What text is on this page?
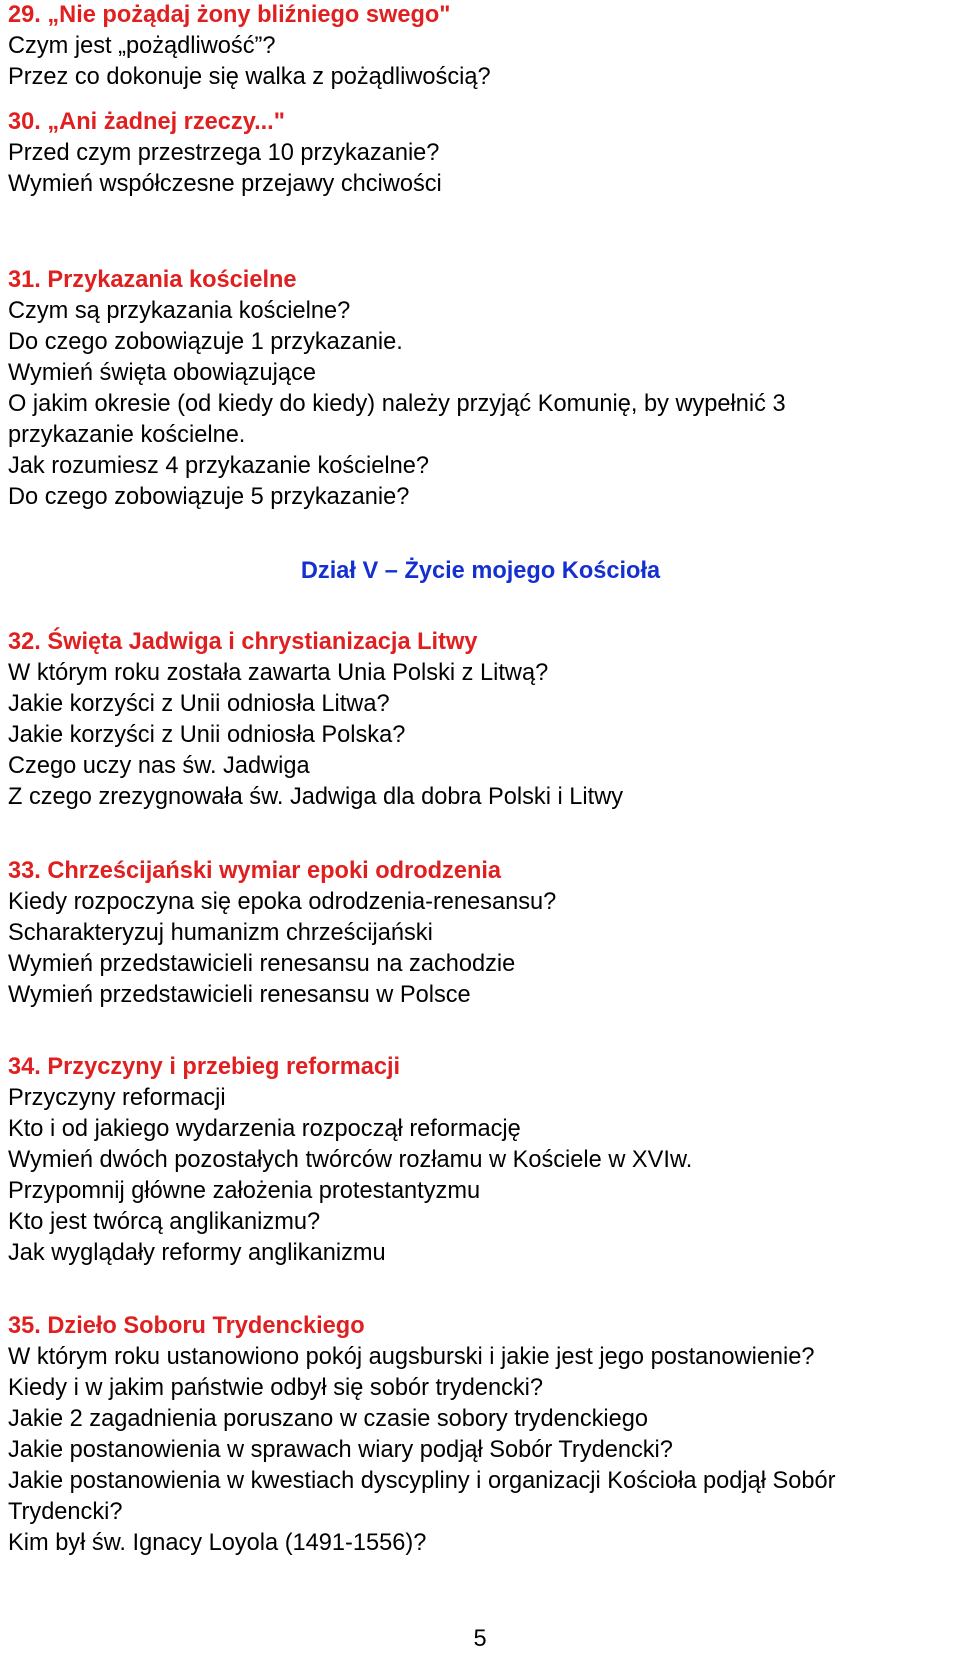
29. „Nie pożądaj żony bliźniego swego"

Czym jest „pożądliwość”?

Przez co dokonuje się walka z pożądliwością?

30. „Ani żadnej rzeczy..."

Przed czym przestrzega 10 przykazanie?

Wymień współczesne przejawy chciwości

31. Przykazania kościelne

Czym są przykazania kościelne?

Do czego zobowiązuje 1 przykazanie.

Wymień święta obowiązujące

O jakim okresie (od kiedy do kiedy) należy przyjąć Komunię, by wypełnić 3 przykazanie kościelne.

Jak rozumiesz 4 przykazanie kościelne?

Do czego zobowiązuje 5 przykazanie?

Dział V – Życie mojego Kościoła

32. Święta Jadwiga i chrystianizacja Litwy

W którym roku została zawarta Unia Polski z Litwą?

Jakie korzyści z Unii odniosła Litwa?

Jakie korzyści z Unii odniosła Polska?

Czego uczy nas św. Jadwiga

Z czego zrezygnowała św. Jadwiga dla dobra Polski i Litwy

33. Chrześcijański wymiar epoki odrodzenia

Kiedy rozpoczyna się epoka odrodzenia-renesansu?

Scharakteryzuj humanizm chrześcijański

Wymień przedstawicieli renesansu na zachodzie

Wymień przedstawicieli renesansu w Polsce

34. Przyczyny i przebieg reformacji

Przyczyny reformacji

Kto i od jakiego wydarzenia rozpoczął reformację

Wymień dwóch pozostałych twórców rozłamu w Kościele w XVIw.

Przypomnij główne założenia protestantyzmu

Kto jest twórcą anglikanizmu?

Jak wyglądały reformy anglikanizmu

35. Dzieło Soboru Trydenckiego

W którym roku ustanowiono pokój augsburski i jakie jest jego postanowienie?

Kiedy i w jakim państwie odbył się sobór trydencki?

Jakie 2 zagadnienia poruszano w czasie sobory trydenckiego

Jakie postanowienia w sprawach wiary podjął Sobór Trydencki?

Jakie postanowienia w kwestiach dyscypliny i organizacji Kościoła podjął Sobór Trydencki?

Kim był św. Ignacy Loyola (1491-1556)?

5
